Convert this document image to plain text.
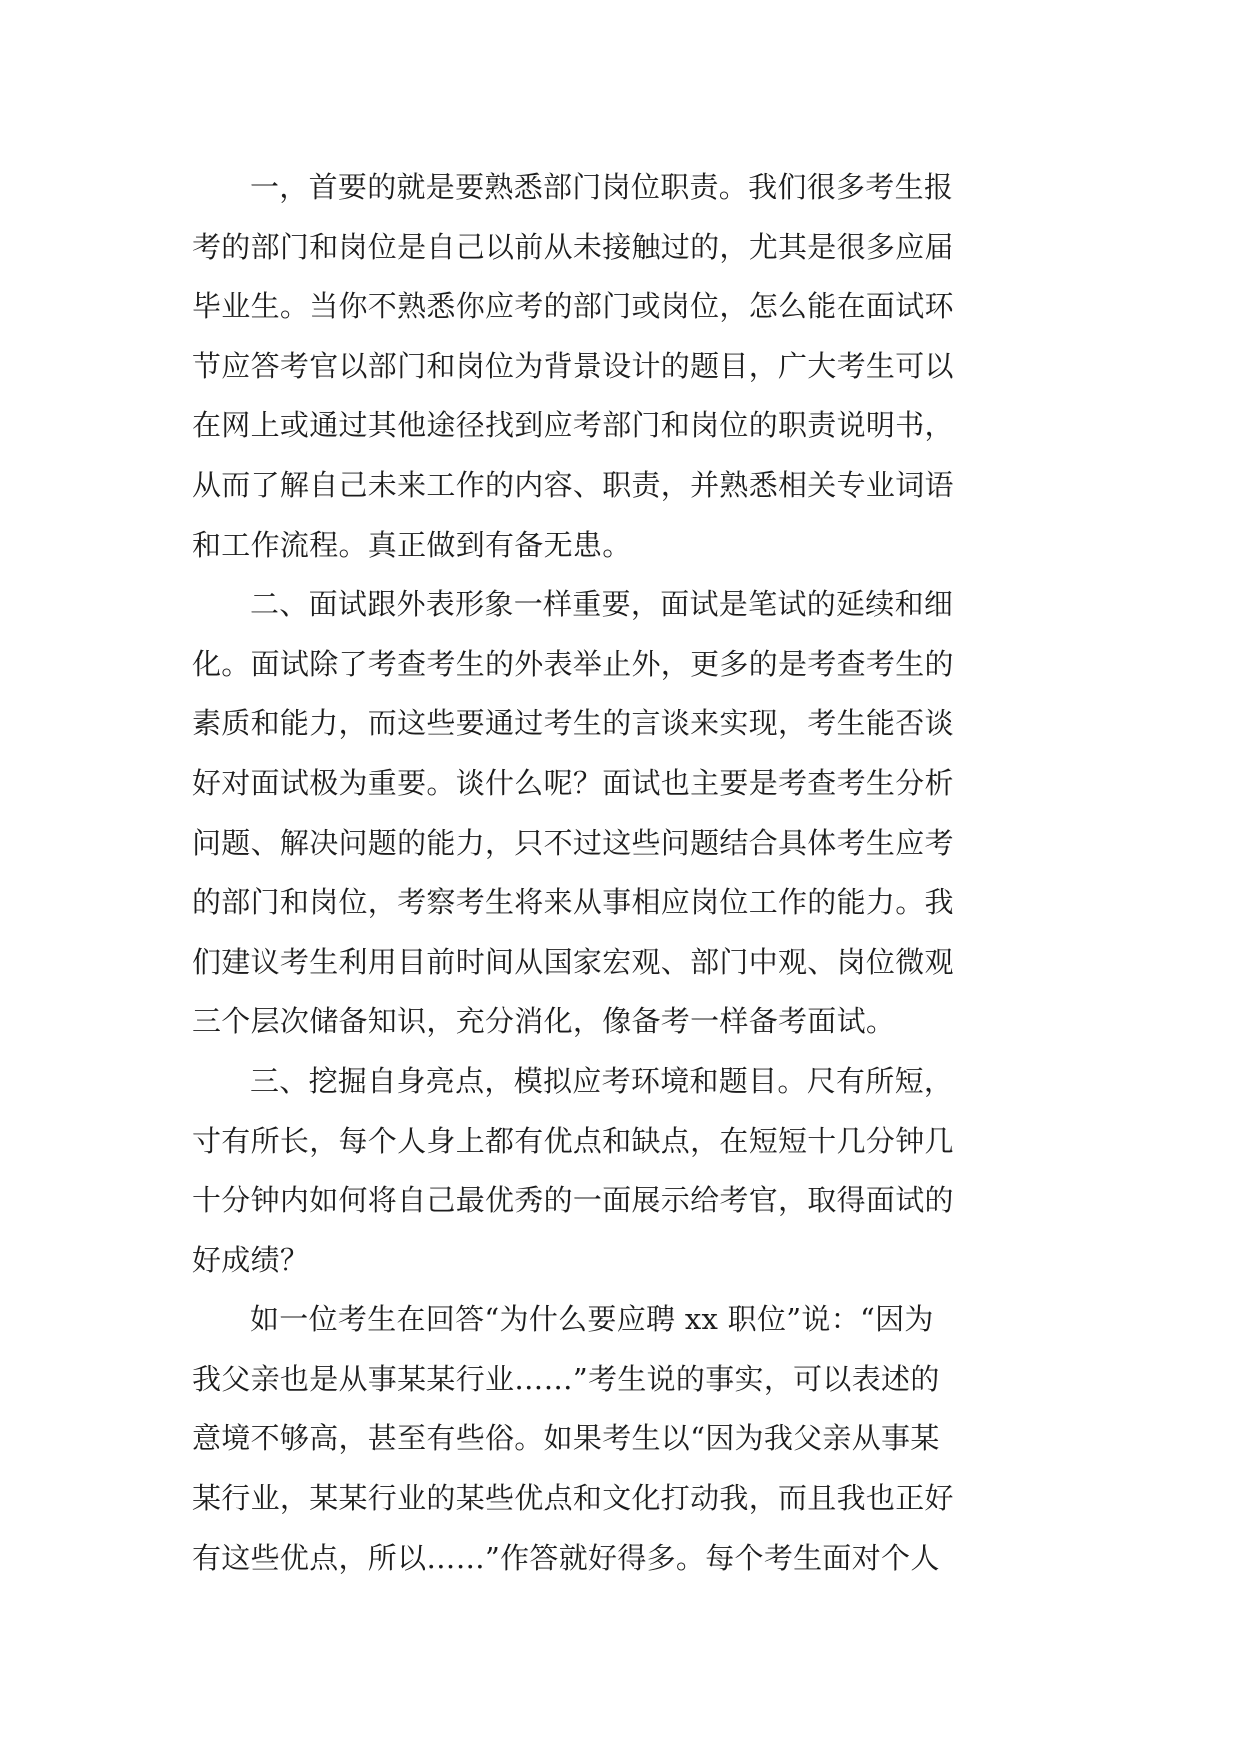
一，首要的就是要熟悉部门岗位职责。我们很多考生报
考的部门和岗位是自己以前从未接触过的，尤其是很多应届
毕业生。当你不熟悉你应考的部门或岗位，怎么能在面试环
节应答考官以部门和岗位为背景设计的题目，广大考生可以
在网上或通过其他途径找到应考部门和岗位的职责说明书，
从而了解自己未来工作的内容、职责，并熟悉相关专业词语
和工作流程。真正做到有备无患。
二、面试跟外表形象一样重要，面试是笔试的延续和细
化。面试除了考查考生的外表举止外，更多的是考查考生的
素质和能力，而这些要通过考生的言谈来实现，考生能否谈
好对面试极为重要。谈什么呢？面试也主要是考查考生分析
问题、解决问题的能力，只不过这些问题结合具体考生应考
的部门和岗位，考察考生将来从事相应岗位工作的能力。我
们建议考生利用目前时间从国家宏观、部门中观、岗位微观
三个层次储备知识，充分消化，像备考一样备考面试。
三、挖掘自身亮点，模拟应考环境和题目。尺有所短，
寸有所长，每个人身上都有优点和缺点，在短短十几分钟几
十分钟内如何将自己最优秀的一面展示给考官，取得面试的
好成绩？
如一位考生在回答“为什么要应聘 xx 职位”说：“因为
我父亲也是从事某某行业……”考生说的事实，可以表述的
意境不够高，甚至有些俗。如果考生以“因为我父亲从事某
某行业，某某行业的某些优点和文化打动我，而且我也正好
有这些优点，所以……”作答就好得多。每个考生面对个人
